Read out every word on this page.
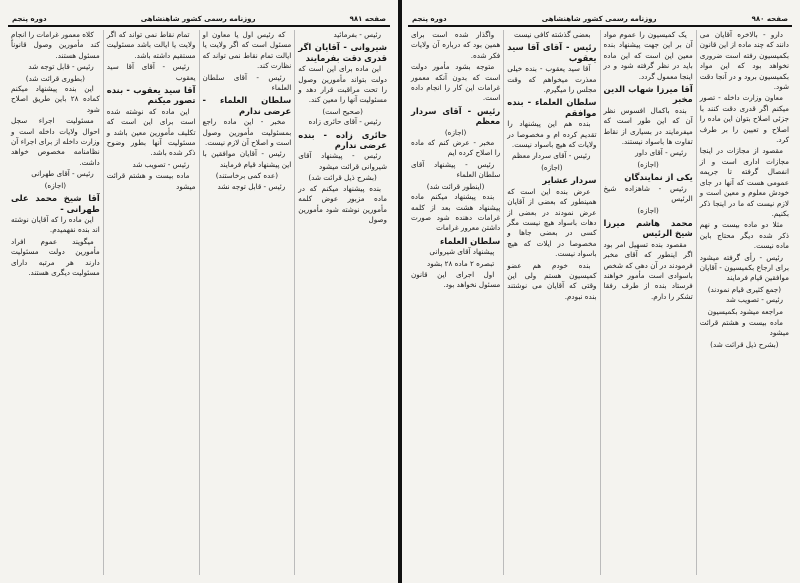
صفحه ۹۸۱
روزنامه رسمی کشور شاهنشاهی
دوره پنجم

رئیس - بفرمائید

شیروانی - آقایان اگر قدری دقت بفرمایند

این ماده برای این است که دولت بتواند مأمورین وصول را تحت مراقبت قرار دهد و مسئولیت آنها را معین کند.

(صحیح است)

رئیس - آقای حائری زاده

حائری زاده - بنده عرضی ندارم

رئیس - پیشنهاد آقای شیروانی قرائت میشود

(بشرح ذیل قرائت شد)

بنده پیشنهاد میکنم که در ماده مزبور عوض کلمه مأمورین نوشته شود مأمورین وصول

که رئیس اول یا معاون او مسئول است که اگر ولایت یا ایالت تمام نقاط نمی تواند که نظارت کند.

رئیس - آقای سلطان العلماء

سلطان العلماء - عرضی ندارم

مخبر - این ماده راجع بمسئولیت مأمورین وصول است و اصلاح آن لازم نیست.

رئیس - آقایان موافقین با این پیشنهاد قیام فرمایند

(عده کمی برخاستند)

رئیس - قابل توجه نشد

تمام نقاط نمی تواند که اگر ولایت یا ایالت باشد مسئولیت مستقیم داشته باشد.

رئیس - آقای آقا سید یعقوب

آقا سید یعقوب - بنده تصور میکنم

این ماده که نوشته شده است برای این است که تکلیف مأمورین معین باشد و مسئولیت آنها بطور وضوح ذکر شده باشد.

رئیس - تصویب شد

ماده بیست و هشتم قرائت میشود

کلاه معمور غرامات را انجام کند مأمورین وصول قانوناً مسئول هستند.

رئیس - قابل توجه شد

(بطوری قرائت شد)

این بنده پیشنهاد میکنم کماده ۲۸ باین طریق اصلاح شود

مسئولیت اجراء سجل احوال ولایات داخله است و وزارت داخله از برای اجراء آن نظامنامه مخصوص خواهد داشت.

رئیس - آقای طهرانی

(اجازه)
آقا شیخ محمد علی طهرانی -

این ماده را که آقایان نوشته اند بنده نفهمیدم.

میگویند عموم افراد مأمورین دولت مسئولیت دارند هر مرتبه دارای مسئولیت دیگری هستند.

صفحه ۹۸۰
روزنامه رسمی کشور شاهنشاهی
دوره پنجم

دارو - بالاخره آقایان می دانند که چند ماده از این قانون بکمیسیون رفته است ضروری نخواهد بود که این مواد بکمیسیون برود و در آنجا دقت شود.

معاون وزارت داخله - تصور میکنم اگر قدری دقت کنند با جزئی اصلاح بتوان این ماده را اصلاح و تعیین را بر طرف کرد.

مقصود از مجازات در اینجا مجازات اداری است و از انفصال گرفته تا جریمه عمومی هست که آنها در جای خودش معلوم و معین است و لازم نیست که ما در اینجا ذکر بکنیم.

مثلا دو ماده بیست و نهم ذکر شده دیگر محتاج باین ماده نیست.

رئیس - رأی گرفته میشود برای ارجاع بکمیسیون - آقایان موافقین قیام فرمایند

(جمع کثیری قیام نمودند)

رئیس - تصویب شد

مراجعه میشود بکمیسیون

ماده بیست و هشتم قرائت میشود

(بشرح ذیل قرائت شد)

یک کمیسیون را عموم مواد آن بر این جهت پیشنهاد بنده معین این است که این ماده باید در نظر گرفته شود و در اینجا معمول گردد.

آقا میرزا شهاب الدین مخبر

بنده باکمال افسوس نظر آن که این طور است که میفرمایند در بسیاری از نقاط تفاوت ها باسواد نیستند.

رئیس - آقای داور

(اجازه)
یکی از نمایندگان

رئیس - شاهزاده شیخ الرئیس

(اجازه)
محمد هاشم میرزا شیخ الرئیس

مقصود بنده تسهیل امر بود اگر اینطور که آقای مخبر فرمودند در آن دهی که شخص باسوادی است مأمور خواهند فرستاد بنده از طرف رفقا تشکر را دارم.

بعضی گذشته کافی نیست

رئیس - آقای آقا سید یعقوب

آقا سید یعقوب - بنده خیلی معذرت میخواهم که وقت مجلس را میگیرم.

سلطان العلماء - بنده موافقم

بنده هم این پیشنهاد را تقدیم کرده ام و مخصوصا در ولایات که هیچ باسواد نیست.

رئیس - آقای سردار معظم

(اجازه)
سردار عشایر

عرض بنده این است که همینطور که بعضی از آقایان عرض نمودند در بعضی از دهات باسواد هیچ نیست مگر کسی در بعضی جاها و مخصوصا در ایلات که هیچ باسواد نیست.

بنده خودم هم عضو کمیسیون هستم ولی این وقتی که آقایان می نوشتند بنده نبودم.

واگذار شده است برای همین بود که درباره آن ولایات فکر شده.

متوجه بشود مأمور دولت است که بدون آنکه معمور غرامات این کار را انجام داده است.

رئیس - آقای سردار معظم
(اجازه)

مخبر - عرض کنم که ماده را اصلاح کرده ایم

رئیس - پیشنهاد آقای سلطان العلماء

(اینطور قرائت شد)

بنده پیشنهاد میکنم ماده پیشنهاد هشت بعد از کلمه غرامات دهنده شود صورت داشتن معرور غرامات

سلطان العلماء

پیشنهاد آقای شیروانی

تبصره ۲ ماده ۲۸ بشود

اول اجرای این قانون مسئول نخواهد بود.
